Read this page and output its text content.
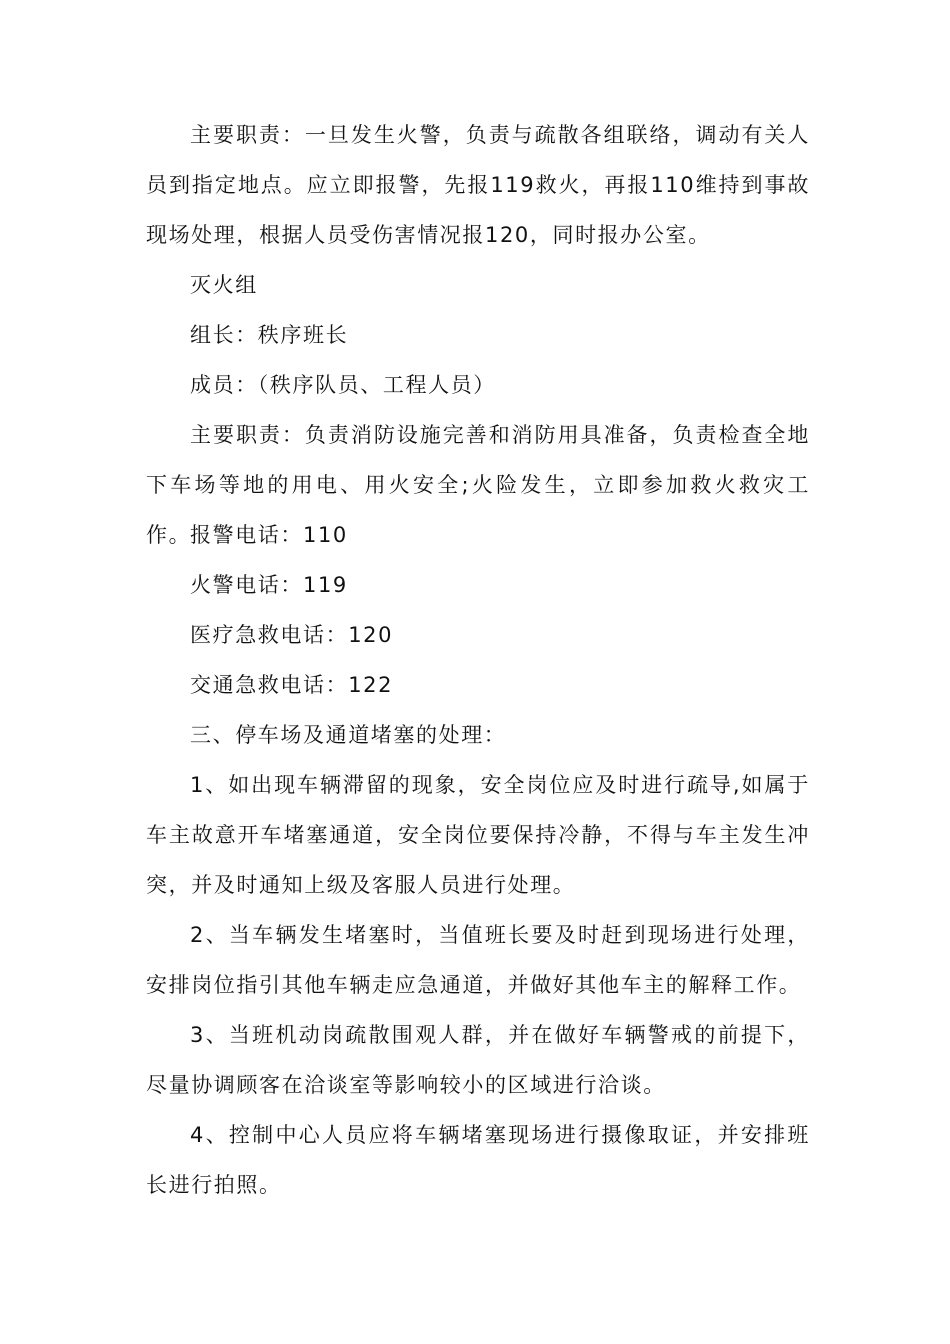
主要职责：一旦发生火警，负责与疏散各组联络，调动有关人员到指定地点。应立即报警，先报119救火，再报110维持到事故现场处理，根据人员受伤害情况报120，同时报办公室。

灭火组

组长：秩序班长

成员：（秩序队员、工程人员）

主要职责：负责消防设施完善和消防用具准备，负责检查全地下车场等地的用电、用火安全;火险发生，立即参加救火救灾工作。

报警电话：110

火警电话：119

医疗急救电话：120

交通急救电话：122

三、停车场及通道堵塞的处理：

1、如出现车辆滞留的现象，安全岗位应及时进行疏导,如属于车主故意开车堵塞通道，安全岗位要保持冷静，不得与车主发生冲突，并及时通知上级及客服人员进行处理。

2、当车辆发生堵塞时，当值班长要及时赶到现场进行处理，安排岗位指引其他车辆走应急通道，并做好其他车主的解释工作。

3、当班机动岗疏散围观人群，并在做好车辆警戒的前提下，尽量协调顾客在洽谈室等影响较小的区域进行洽谈。

4、控制中心人员应将车辆堵塞现场进行摄像取证，并安排班长进行拍照。
